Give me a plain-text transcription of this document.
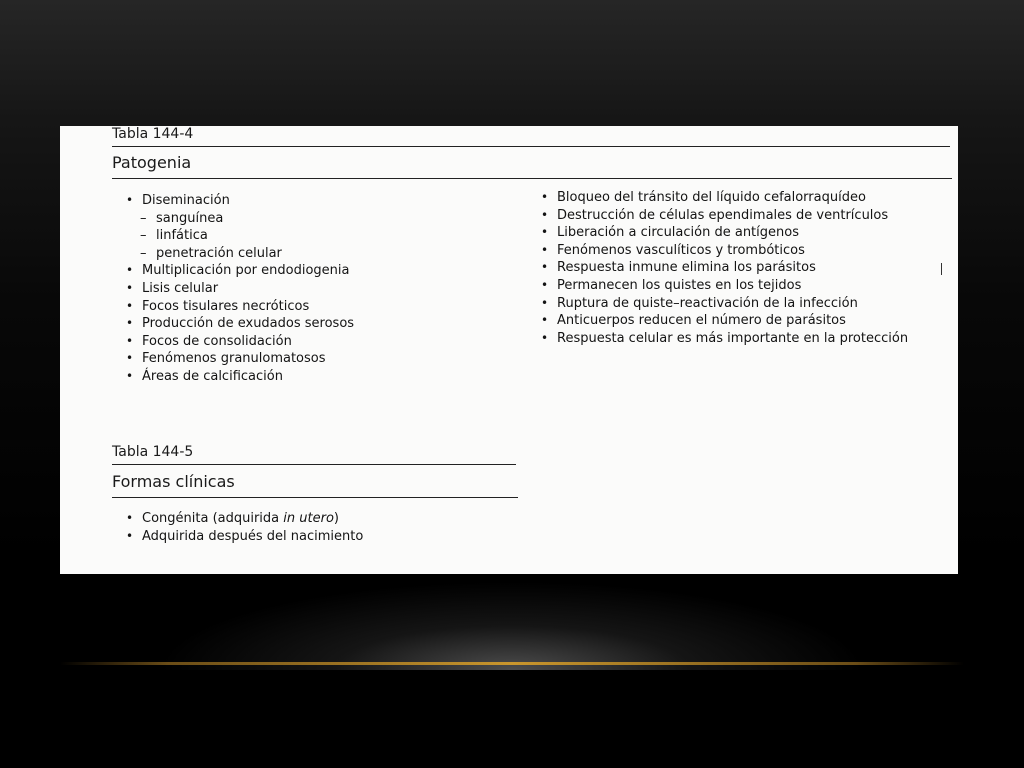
Tabla 144-4
Patogenia
• Diseminación
– sanguínea
– linfática
– penetración celular
• Multiplicación por endodiogenia
• Lisis celular
• Focos tisulares necróticos
• Producción de exudados serosos
• Focos de consolidación
• Fenómenos granulomatosos
• Áreas de calcificación
• Bloqueo del tránsito del líquido cefalorraquídeo
• Destrucción de células ependimales de ventrículos
• Liberación a circulación de antígenos
• Fenómenos vasculíticos y trombóticos
• Respuesta inmune elimina los parásitos
• Permanecen los quistes en los tejidos
• Ruptura de quiste–reactivación de la infección
• Anticuerpos reducen el número de parásitos
• Respuesta celular es más importante en la protección
Tabla 144-5
Formas clínicas
• Congénita (adquirida in utero)
• Adquirida después del nacimiento
